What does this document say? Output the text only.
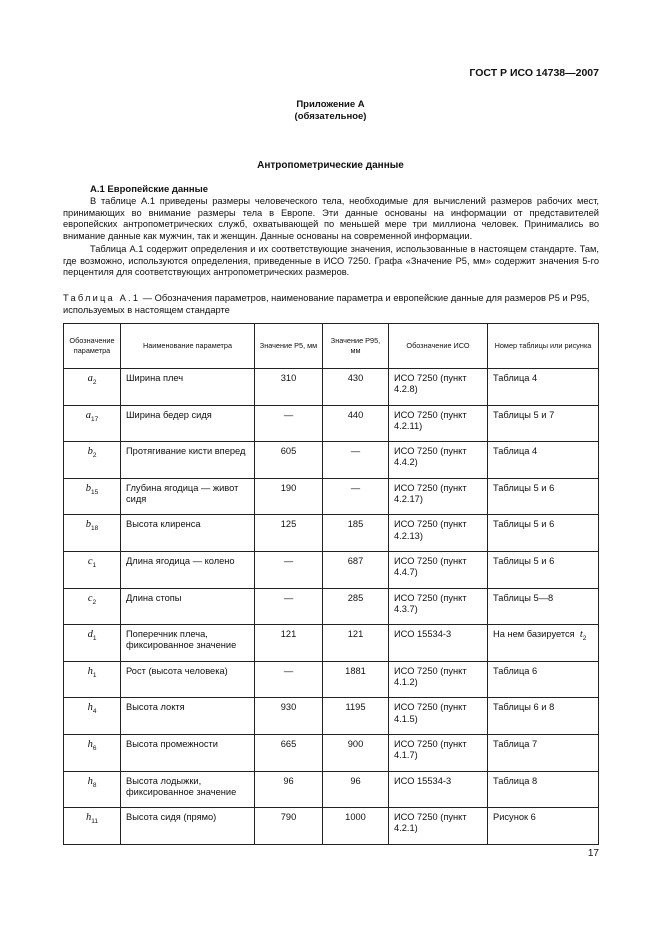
ГОСТ Р ИСО 14738—2007
Приложение А
(обязательное)
Антропометрические данные
А.1 Европейские данные
В таблице А.1 приведены размеры человеческого тела, необходимые для вычислений размеров рабочих мест, принимающих во внимание размеры тела в Европе. Эти данные основаны на информации от представителей европейских антропометрических служб, охватывающей по меньшей мере три миллиона человек. Принимались во внимание данные как мужчин, так и женщин. Данные основаны на современной информации.
Таблица А.1 содержит определения и их соответствующие значения, использованные в настоящем стандарте. Там, где возможно, используются определения, приведенные в ИСО 7250. Графа «Значение Р5, мм» содержит значения 5-го перцентиля для соответствующих антропометрических размеров.
Таблица А.1 — Обозначения параметров, наименование параметра и европейские данные для размеров Р5 и Р95, используемых в настоящем стандарте
Обозначение параметра	Наименование параметра	Значение Р5, мм	Значение Р95, мм	Обозначение ИСО	Номер таблицы или рисунка
$a_2$	Ширина плеч	310	430	ИСО 7250 (пункт 4.2.8)	Таблица 4
$a_{17}$	Ширина бедер сидя	—	440	ИСО 7250 (пункт 4.2.11)	Таблицы 5 и 7
$b_2$	Протягивание кисти вперед	605	—	ИСО 7250 (пункт 4.4.2)	Таблица 4
$b_{15}$	Глубина ягодица — живот сидя	190	—	ИСО 7250 (пункт 4.2.17)	Таблицы 5 и 6
$b_{18}$	Высота клиренса	125	185	ИСО 7250 (пункт 4.2.13)	Таблицы 5 и 6
$c_1$	Длина ягодица — колено	—	687	ИСО 7250 (пункт 4.4.7)	Таблицы 5 и 6
$c_2$	Длина стопы	—	285	ИСО 7250 (пункт 4.3.7)	Таблицы 5—8
$d_1$	Поперечник плеча, фиксированное значение	121	121	ИСО 15534-3	На нем базируется $t_2$
$h_1$	Рост (высота человека)	—	1881	ИСО 7250 (пункт 4.1.2)	Таблица 6
$h_4$	Высота локтя	930	1195	ИСО 7250 (пункт 4.1.5)	Таблицы 6 и 8
$h_6$	Высота промежности	665	900	ИСО 7250 (пункт 4.1.7)	Таблица 7
$h_8$	Высота лодыжки, фиксированное значение	96	96	ИСО 15534-3	Таблица 8
$h_{11}$	Высота сидя (прямо)	790	1000	ИСО 7250 (пункт 4.2.1)	Рисунок 6
17
